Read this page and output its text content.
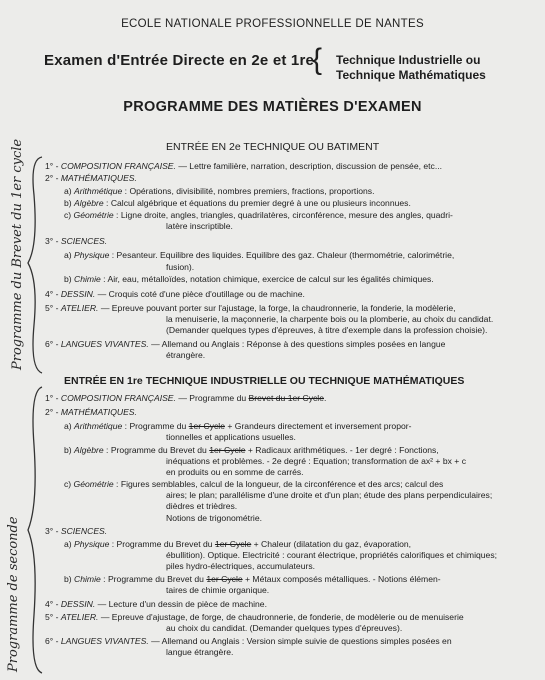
ECOLE NATIONALE PROFESSIONNELLE DE NANTES

Examen d'Entrée Directe en 2e et 1re

{ Technique Industrielle ou

Technique Mathématiques

PROGRAMME DES MATIÈRES D'EXAMEN

ENTRÉE EN 2e TECHNIQUE OU BATIMENT

ENTRÉE EN 1re TECHNIQUE INDUSTRIELLE OU TECHNIQUE MATHÉMATIQUES

Programme du Brevet du 1er cycle
Programme de seconde

1° - COMPOSITION FRANÇAISE. — Lettre familière, narration, description, discussion de pensée, etc...

2° - MATHÉMATIQUES.

a) Arithmétique : Opérations, divisibilité, nombres premiers, fractions, proportions.

b) Algèbre : Calcul algébrique et équations du premier degré à une ou plusieurs inconnues.

c) Géométrie : Ligne droite, angles, triangles, quadrilatères, circonférence, mesure des angles, quadri-

latère inscriptible.

3° - SCIENCES.

a) Physique : Pesanteur. Equilibre des liquides. Equilibre des gaz. Chaleur (thermométrie, calorimétrie,

fusion).

b) Chimie : Air, eau, métalloïdes, notation chimique, exercice de calcul sur les égalités chimiques.

4° - DESSIN. — Croquis coté d'une pièce d'outillage ou de machine.

5° - ATELIER. — Epreuve pouvant porter sur l'ajustage, la forge, la chaudronnerie, la fonderie, la modèlerie,

la menuiserie, la maçonnerie, la charpente bois ou la plomberie, au choix du candidat.

(Demander quelques types d'épreuves, à titre d'exemple dans la profession choisie).

6° - LANGUES VIVANTES. — Allemand ou Anglais : Réponse à des questions simples posées en langue

étrangère.

1° - COMPOSITION FRANÇAISE. — Programme du Brevet du 1er Cycle.

2° - MATHÉMATIQUES.

a) Arithmétique : Programme du 1er Cycle + Grandeurs directement et inversement propor-

tionnelles et applications usuelles.

b) Algèbre : Programme du Brevet du 1er Cycle + Radicaux arithmétiques. - 1er degré : Fonctions,

inéquations et problèmes. - 2e degré : Equation; transformation de ax² + bx + c

en produits ou en somme de carrés.

c) Géométrie : Figures semblables, calcul de la longueur, de la circonférence et des arcs; calcul des

aires; le plan; parallélisme d'une droite et d'un plan; étude des plans perpendiculaires;

dièdres et trièdres.

Notions de trigonométrie.

3° - SCIENCES.

a) Physique : Programme du Brevet du 1er Cycle + Chaleur (dilatation du gaz, évaporation,

ébullition). Optique. Electricité : courant électrique, propriétés calorifiques et chimiques;

piles hydro-électriques, accumulateurs.

b) Chimie : Programme du Brevet du 1er Cycle + Métaux composés métalliques. - Notions élémen-

taires de chimie organique.

4° - DESSIN. — Lecture d'un dessin de pièce de machine.

5° - ATELIER. — Epreuve d'ajustage, de forge, de chaudronnerie, de fonderie, de modèlerie ou de menuiserie

au choix du candidat. (Demander quelques types d'épreuves).

6° - LANGUES VIVANTES. — Allemand ou Anglais : Version simple suivie de questions simples posées en

langue étrangère.
